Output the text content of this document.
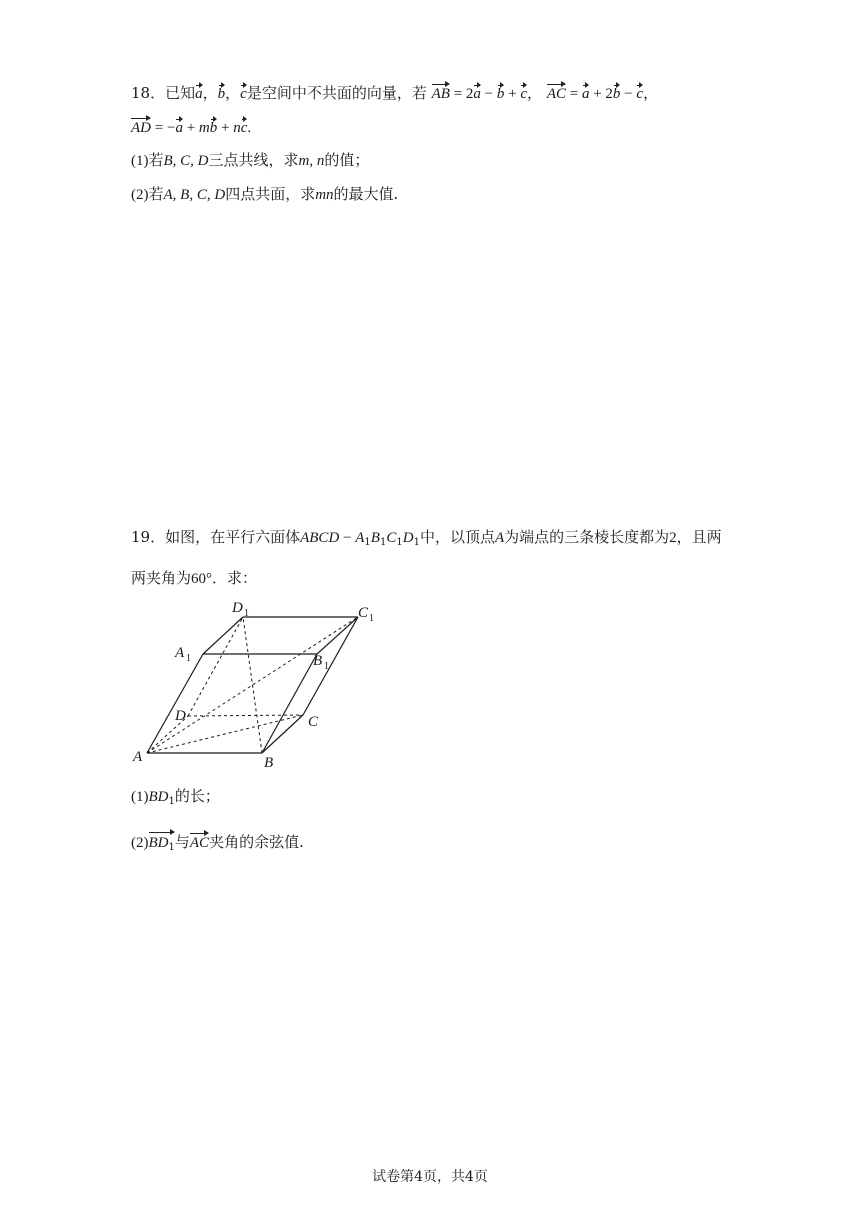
18．已知a，b，c是空间中不共面的向量，若 AB = 2a − b + c， AC = a + 2b − c，
AD = −a + mb + nc.
(1)若B, C, D三点共线，求m, n的值；
(2)若A, B, C, D四点共面，求mn的最大值.
19．如图，在平行六面体ABCD − $A_1B_1C_1D_1$中，以顶点A为端点的三条棱长度都为2，且两
两夹角为60°．求：
A	B
C
D
A 1	B 1
C 1
D 1
$(1)BD_1$的长；
$(2)BD_1$与AC夹角的余弦值.
试卷第4页，共4页
